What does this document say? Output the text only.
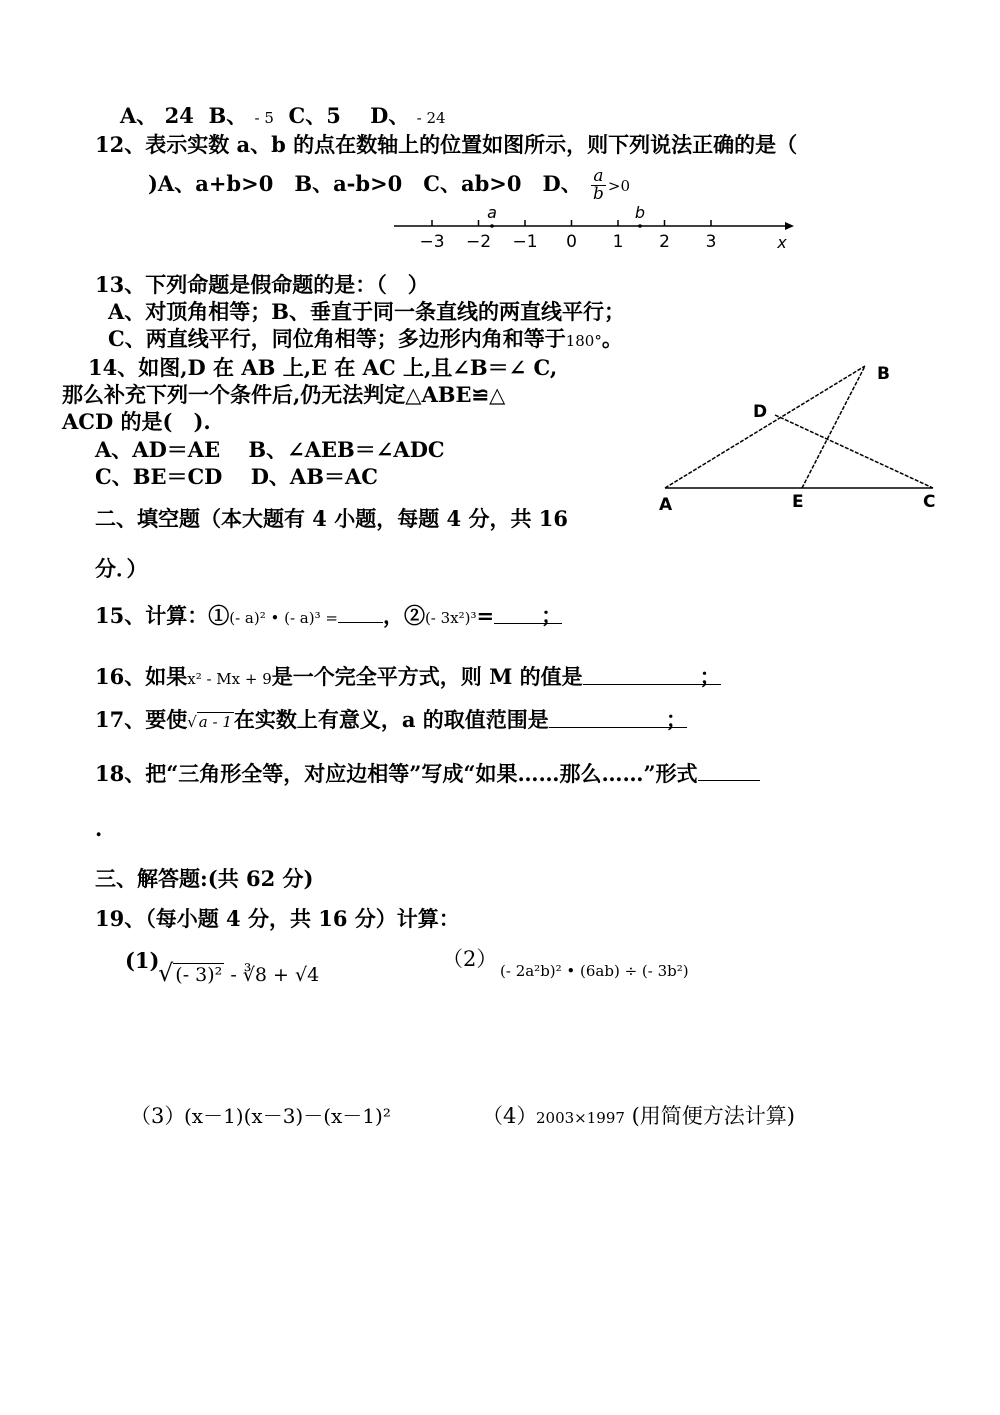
A、 24 B、 - 5 C、5 D、 - 24
12、表示实数 a、b 的点在数轴上的位置如图所示，则下列说法正确的是（
)A、a+b>0　B、a-b>0　C、ab>0　D、 $\frac{a}{b} >0$
−3 −2 −1 0 1 2 3
a	b
x
13、下列命题是假命题的是：（　）
A、对顶角相等；B、垂直于同一条直线的两直线平行；
C、两直线平行，同位角相等；多边形内角和等于180°。
14、如图,D 在 AB 上,E 在 AC 上,且∠B＝∠ C,
那么补充下列一个条件后,仍无法判定△ABE≌△
ACD 的是(　).
A、AD＝AE　 B、∠AEB＝∠ADC
C、BE＝CD　 D、AB＝AC
A
B
C
D
E
二、填空题（本大题有 4 小题，每题 4 分，共 16
分．）
15、计算：①(- a)² • (- a)³ = ，②(- 3x²)³= ；
16、如果x² - Mx + 9是一个完全平方式，则 M 的值是	；
17、要使√ a - 1在实数上有意义，a 的取值范围是	；
18、把“三角形全等，对应边相等”写成“如果……那么……”形式
.
三、解答题:(共 62 分)
19、（每小题 4 分，共 16 分）计算：
(1)
√ (- 3)² - ∛8 + √4
（2） (- 2a²b)² • (6ab) ÷ (- 3b²)
（3）
(x－1)(x－3)－(x－1)²	（4）
2003×1997 (用简便方法计算)
